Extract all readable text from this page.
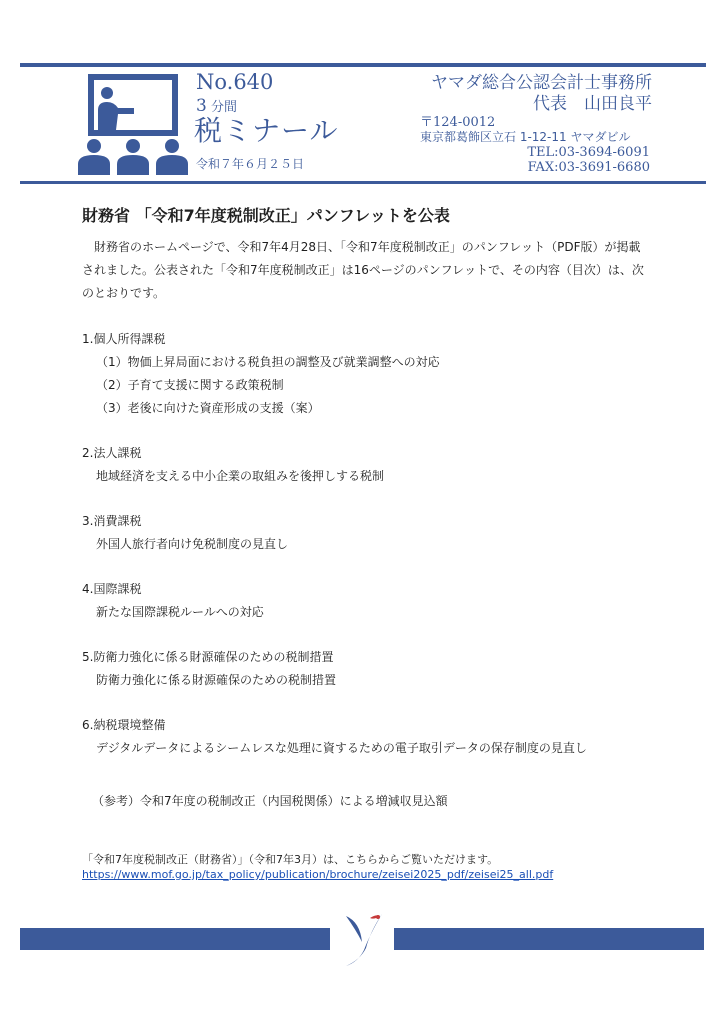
No.640
3 分間
税ミナール
令和７年６月２５日
ヤマダ総合公認会計士事務所
代表　山田良平
〒124-0012
東京都葛飾区立石 1-12-11 ヤマダビル
TEL:03-3694-6091
FAX:03-3691-6680
財務省 「令和7年度税制改正」パンフレットを公表
財務省のホームページで、令和7年4月28日、「令和7年度税制改正」のパンフレット（PDF版）が掲載されました。公表された「令和7年度税制改正」は16ページのパンフレットで、その内容（目次）は、次のとおりです。
1.個人所得課税
（1）物価上昇局面における税負担の調整及び就業調整への対応
（2）子育て支援に関する政策税制
（3）老後に向けた資産形成の支援（案）
2.法人課税
地域経済を支える中小企業の取組みを後押しする税制
3.消費課税
外国人旅行者向け免税制度の見直し
4.国際課税
新たな国際課税ルールへの対応
5.防衛力強化に係る財源確保のための税制措置
防衛力強化に係る財源確保のための税制措置
6.納税環境整備
デジタルデータによるシームレスな処理に資するための電子取引データの保存制度の見直し
（参考）令和7年度の税制改正（内国税関係）による増減収見込額
「令和7年度税制改正（財務省）」（令和7年3月）は、こちらからご覧いただけます。
https://www.mof.go.jp/tax_policy/publication/brochure/zeisei2025_pdf/zeisei25_all.pdf
